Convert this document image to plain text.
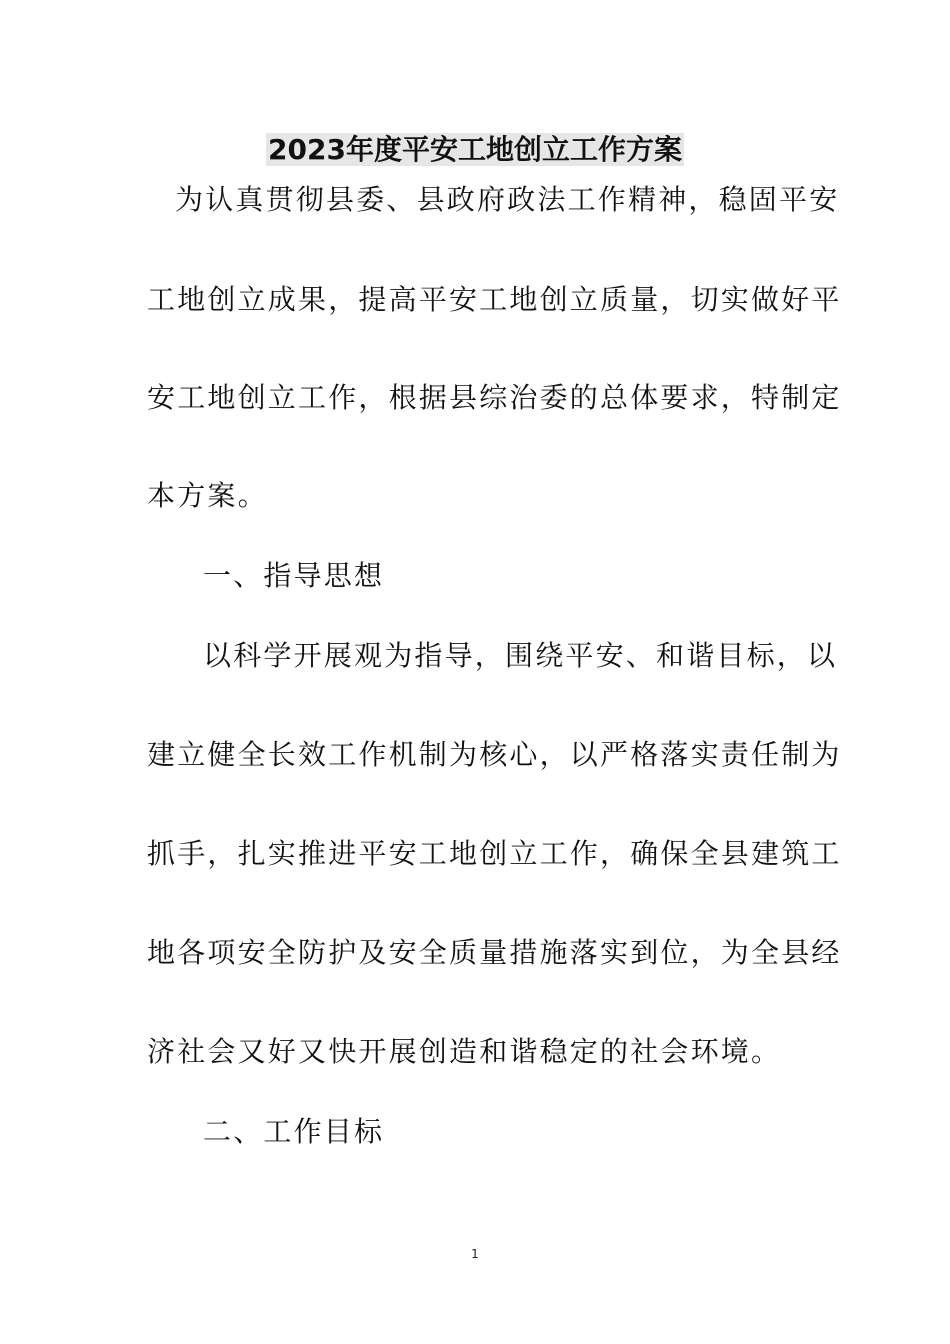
2023年度平安工地创立工作方案
为认真贯彻县委、县政府政法工作精神，稳固平安
工地创立成果，提高平安工地创立质量，切实做好平
安工地创立工作，根据县综治委的总体要求，特制定
本方案。
一、指导思想
以科学开展观为指导，围绕平安、和谐目标，以
建立健全长效工作机制为核心，以严格落实责任制为
抓手，扎实推进平安工地创立工作，确保全县建筑工
地各项安全防护及安全质量措施落实到位，为全县经
济社会又好又快开展创造和谐稳定的社会环境。
二、工作目标
1
